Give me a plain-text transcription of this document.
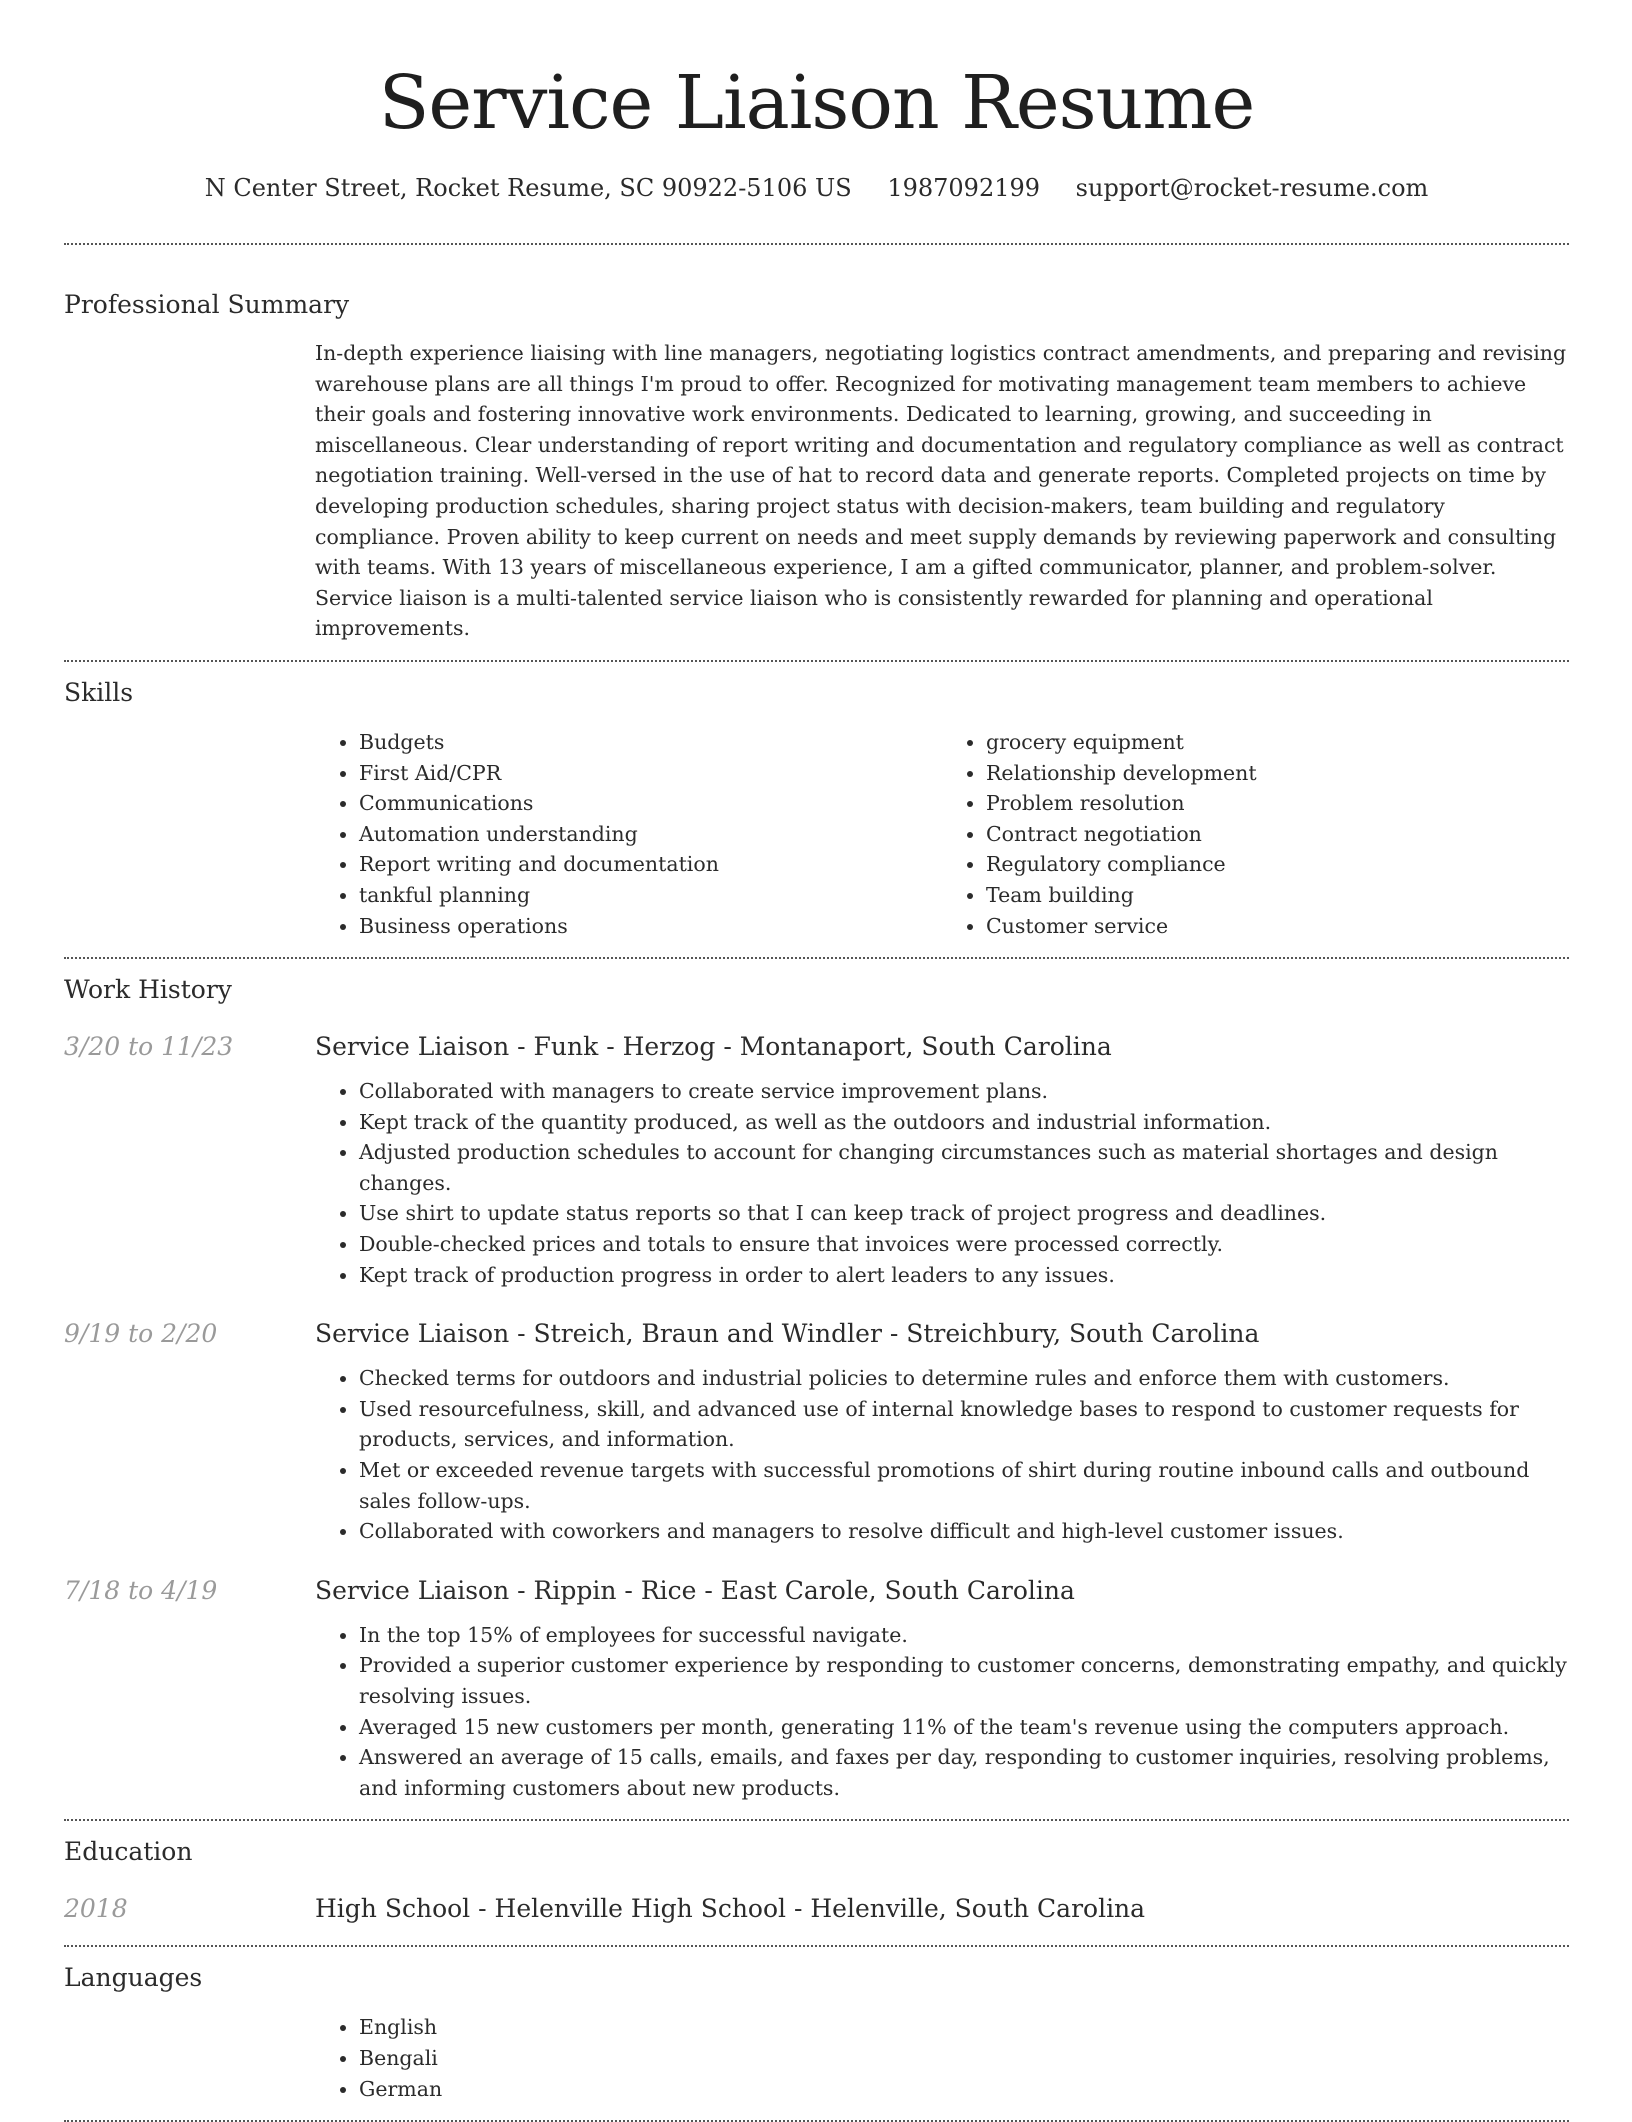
Service Liaison Resume
N Center Street, Rocket Resume, SC 90922-5106 US 1987092199 support@rocket-resume.com
Professional Summary
In-depth experience liaising with line managers, negotiating logistics contract amendments, and preparing and revising warehouse plans are all things I'm proud to offer. Recognized for motivating management team members to achieve their goals and fostering innovative work environments. Dedicated to learning, growing, and succeeding in miscellaneous. Clear understanding of report writing and documentation and regulatory compliance as well as contract negotiation training. Well-versed in the use of hat to record data and generate reports. Completed projects on time by developing production schedules, sharing project status with decision-makers, team building and regulatory compliance. Proven ability to keep current on needs and meet supply demands by reviewing paperwork and consulting with teams. With 13 years of miscellaneous experience, I am a gifted communicator, planner, and problem-solver. Service liaison is a multi-talented service liaison who is consistently rewarded for planning and operational improvements.
Skills
• Budgets
• First Aid/CPR
• Communications
• Automation understanding
• Report writing and documentation
• tankful planning
• Business operations
• grocery equipment
• Relationship development
• Problem resolution
• Contract negotiation
• Regulatory compliance
• Team building
• Customer service
Work History
3/20 to 11/23	Service Liaison - Funk - Herzog - Montanaport, South Carolina
• Collaborated with managers to create service improvement plans.
• Kept track of the quantity produced, as well as the outdoors and industrial information.
• Adjusted production schedules to account for changing circumstances such as material shortages and design changes.
• Use shirt to update status reports so that I can keep track of project progress and deadlines.
• Double-checked prices and totals to ensure that invoices were processed correctly.
• Kept track of production progress in order to alert leaders to any issues.
9/19 to 2/20	Service Liaison - Streich, Braun and Windler - Streichbury, South Carolina
• Checked terms for outdoors and industrial policies to determine rules and enforce them with customers.
• Used resourcefulness, skill, and advanced use of internal knowledge bases to respond to customer requests for products, services, and information.
• Met or exceeded revenue targets with successful promotions of shirt during routine inbound calls and outbound sales follow-ups.
• Collaborated with coworkers and managers to resolve difficult and high-level customer issues.
7/18 to 4/19	Service Liaison - Rippin - Rice - East Carole, South Carolina
• In the top 15% of employees for successful navigate.
• Provided a superior customer experience by responding to customer concerns, demonstrating empathy, and quickly resolving issues.
• Averaged 15 new customers per month, generating 11% of the team's revenue using the computers approach.
• Answered an average of 15 calls, emails, and faxes per day, responding to customer inquiries, resolving problems, and informing customers about new products.
Education
2018	High School - Helenville High School - Helenville, South Carolina
Languages
• English
• Bengali
• German
